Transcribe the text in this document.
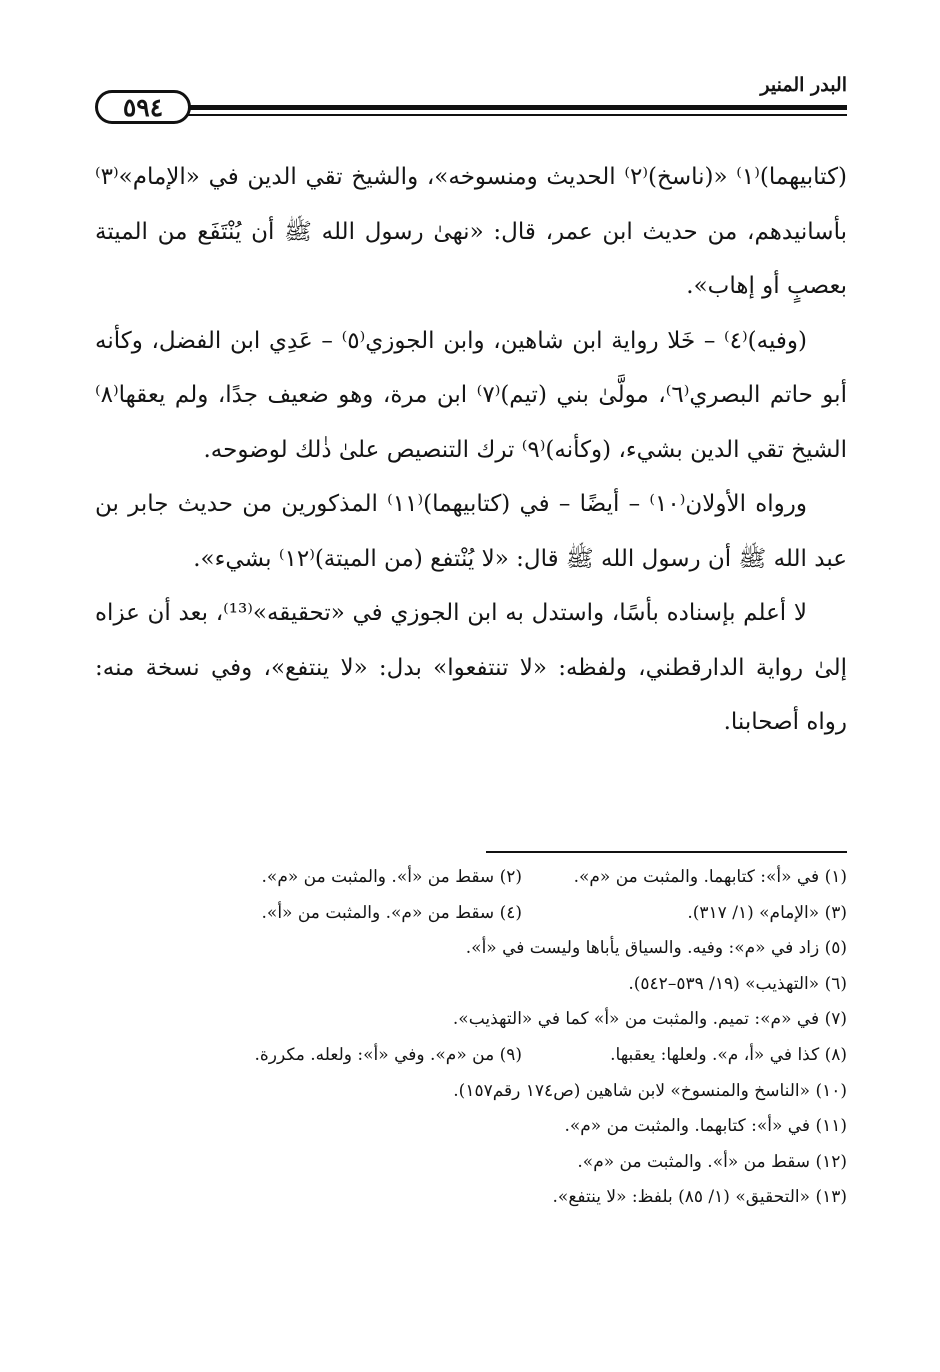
٥٩٤
البدر المنير

(كتابيهما)⁽١⁾ «(ناسخ)⁽٢⁾ الحديث ومنسوخه»، والشيخ تقي الدين في «الإمام»⁽٣⁾ بأسانيدهم، من حديث ابن عمر، قال: «نهىٰ رسول الله ﷺ أن يُنْتَفَع من الميتة بعصبٍ أو إهاب».

(وفيه)⁽٤⁾ – خَلا رواية ابن شاهين، وابن الجوزي⁽٥⁾ – عَدِي ابن الفضل، وكأنه أبو حاتم البصري⁽٦⁾، مولَّىٰ بني (تيم)⁽٧⁾ ابن مرة، وهو ضعيف جدًا، ولم يعقها⁽٨⁾ الشيخ تقي الدين بشيء، (وكأنه)⁽٩⁾ ترك التنصيص علىٰ ذٰلك لوضوحه.

ورواه الأولان⁽١٠⁾ – أيضًا – في (كتابيهما)⁽١١⁾ المذكورين من حديث جابر بن عبد الله ﷺ أن رسول الله ﷺ قال: «لا يُنْتفع (من الميتة)⁽١٢⁾ بشيء».

لا أعلم بإسناده بأسًا، واستدل به ابن الجوزي في «تحقيقه»⁽¹³⁾، بعد أن عزاه إلىٰ رواية الدارقطني، ولفظه: «لا تنتفعوا» بدل: «لا ينتفع»، وفي نسخة منه: رواه أصحابنا.

(١) في «أ»: كتابهما. والمثبت من «م».
(٢) سقط من «أ». والمثبت من «م».
(٣) «الإمام» (١/ ٣١٧).
(٤) سقط من «م». والمثبت من «أ».
(٥) زاد في «م»: وفيه. والسياق يأباها وليست في «أ».
(٦) «التهذيب» (١٩/ ٥٣٩–٥٤٢).
(٧) في «م»: تميم. والمثبت من «أ» كما في «التهذيب».
(٨) كذا في «أ، م». ولعلها: يعقبها.
(٩) من «م». وفي «أ»: ولعله. مكررة.
(١٠) «الناسخ والمنسوخ» لابن شاهين (ص١٧٤ رقم١٥٧).
(١١) في «أ»: كتابهما. والمثبت من «م».
(١٢) سقط من «أ». والمثبت من «م».
(١٣) «التحقيق» (١/ ٨٥) بلفظ: «لا ينتفع».
